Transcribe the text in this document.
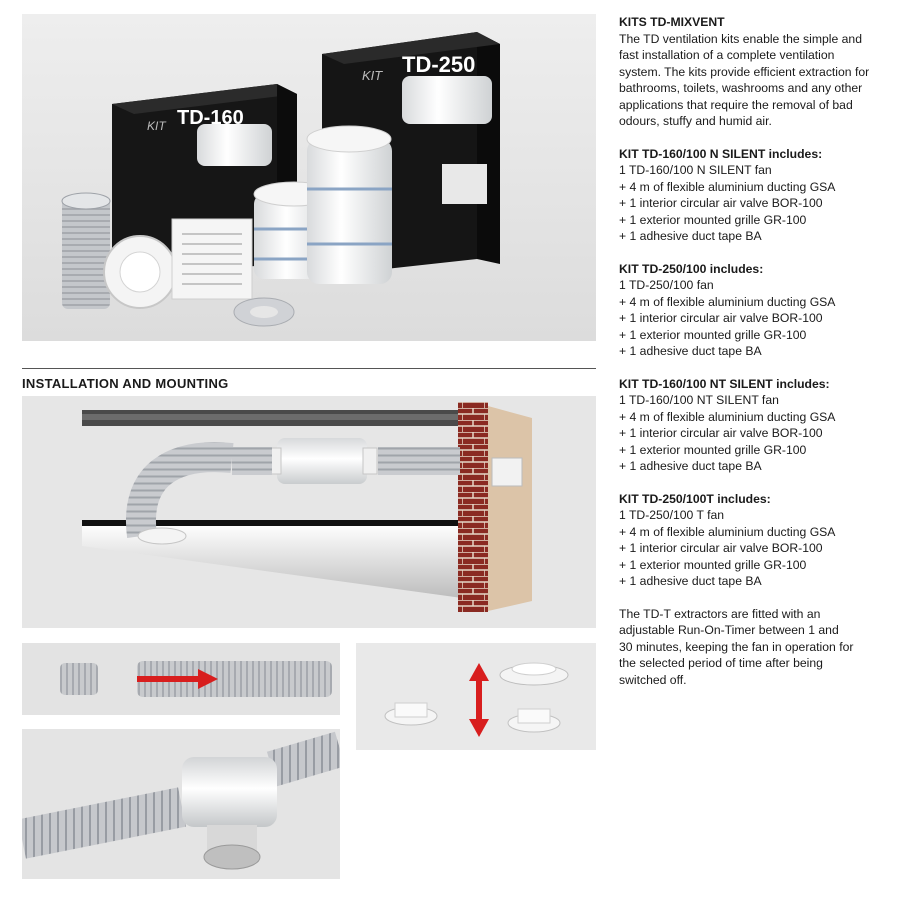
TD-250
KIT
TD-160
KIT

KITS TD-MIXVENT

The TD ventilation kits enable the simple and

fast installation of a complete ventilation

system. The kits provide efficient extraction for

bathrooms, toilets, washrooms and any other

applications that require the removal of bad

odours, stuffy and humid air.

KIT TD-160/100 N SILENT includes:

1 TD-160/100 N SILENT fan

+ 4 m of flexible aluminium ducting GSA

+ 1 interior circular air valve BOR-100

+ 1 exterior mounted grille GR-100

+ 1 adhesive duct tape BA

KIT TD-250/100 includes:

1 TD-250/100 fan

+ 4 m of flexible aluminium ducting GSA

+ 1 interior circular air valve BOR-100

+ 1 exterior mounted grille GR-100

+ 1 adhesive duct tape BA

KIT TD-160/100 NT SILENT includes:

1 TD-160/100 NT SILENT fan

+ 4 m of flexible aluminium ducting GSA

+ 1 interior circular air valve BOR-100

+ 1 exterior mounted grille GR-100

+ 1 adhesive duct tape BA

KIT TD-250/100T includes:

1 TD-250/100 T fan

+ 4 m of flexible aluminium ducting GSA

+ 1 interior circular air valve BOR-100

+ 1 exterior mounted grille GR-100

+ 1 adhesive duct tape BA

The TD-T extractors are fitted with an

adjustable Run-On-Timer between 1 and

30 minutes, keeping the fan in operation for

the selected period of time after being

switched off.

INSTALLATION AND MOUNTING
